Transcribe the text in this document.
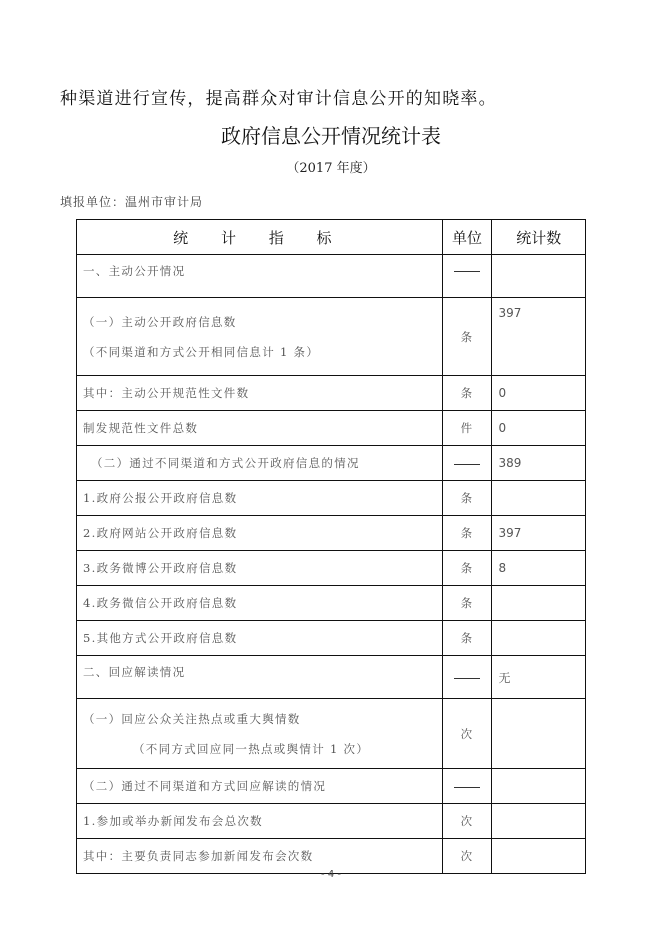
种渠道进行宣传，提高群众对审计信息公开的知晓率。
政府信息公开情况统计表
（2017 年度）
填报单位：温州市审计局
统 计 指 标	单位	统计数
一、主动公开情况		
（一）主动公开政府信息数
（不同渠道和方式公开相同信息计 1 条）	条	397
其中：主动公开规范性文件数	条	0
制发规范性文件总数	件	0
（二）通过不同渠道和方式公开政府信息的情况		389
1.政府公报公开政府信息数	条	
2.政府网站公开政府信息数	条	397
3.政务微博公开政府信息数	条	8
4.政务微信公开政府信息数	条	
5.其他方式公开政府信息数	条	
二、回应解读情况		无
（一）回应公众关注热点或重大舆情数
（不同方式回应同一热点或舆情计 1 次）	次	
（二）通过不同渠道和方式回应解读的情况		
1.参加或举办新闻发布会总次数	次	
其中：主要负责同志参加新闻发布会次数	次	
- 4 -
